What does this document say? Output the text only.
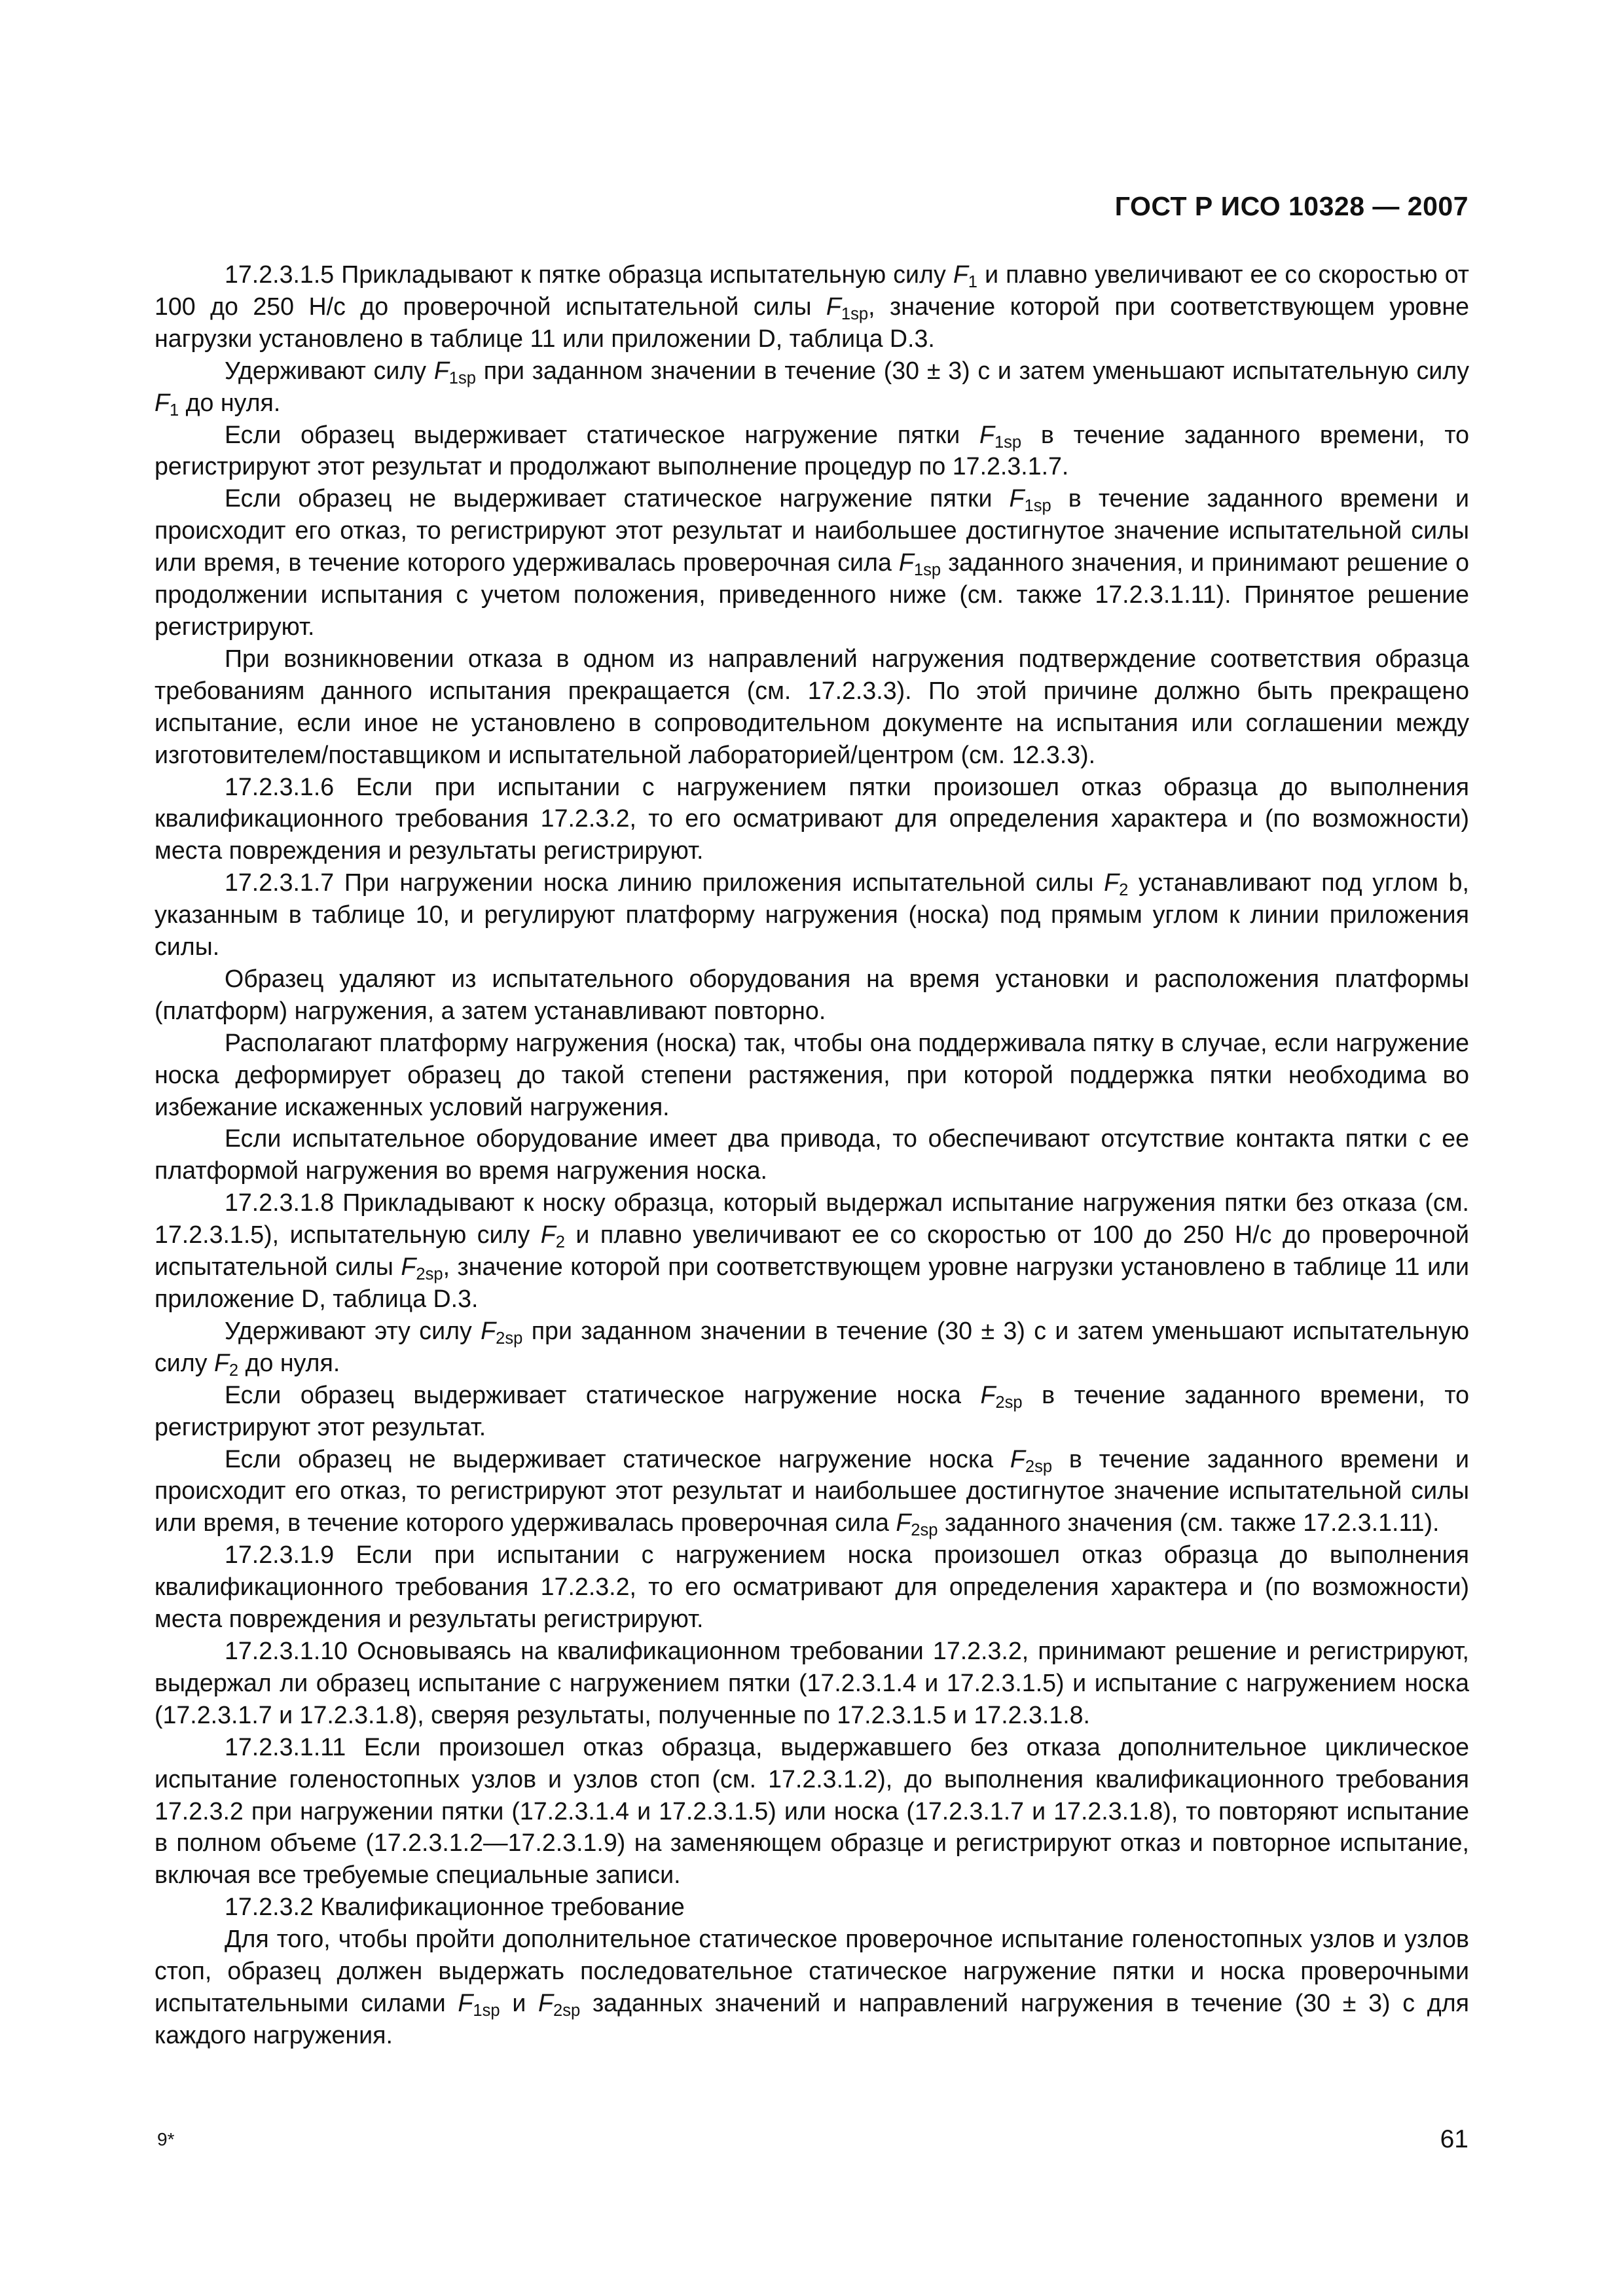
ГОСТ Р ИСО 10328 — 2007

17.2.3.1.5 Прикладывают к пятке образца испытательную силу $F_1$ и плавно увеличивают ее со скоростью от 100 до 250 Н/с до проверочной испытательной силы $F_{1sp}$, значение которой при соответствующем уровне нагрузки установлено в таблице 11 или приложении D, таблица D.3.

Удерживают силу $F_{1sp}$ при заданном значении в течение (30 ± 3) с и затем уменьшают испытательную силу $F_1$ до нуля.

Если образец выдерживает статическое нагружение пятки $F_{1sp}$ в течение заданного времени, то регистрируют этот результат и продолжают выполнение процедур по 17.2.3.1.7.

Если образец не выдерживает статическое нагружение пятки $F_{1sp}$ в течение заданного времени и происходит его отказ, то регистрируют этот результат и наибольшее достигнутое значение испытательной силы или время, в течение которого удерживалась проверочная сила $F_{1sp}$ заданного значения, и принимают решение о продолжении испытания с учетом положения, приведенного ниже (см. также 17.2.3.1.11). Принятое решение регистрируют.

При возникновении отказа в одном из направлений нагружения подтверждение соответствия образца требованиям данного испытания прекращается (см. 17.2.3.3). По этой причине должно быть прекращено испытание, если иное не установлено в сопроводительном документе на испытания или соглашении между изготовителем/поставщиком и испытательной лабораторией/центром (см. 12.3.3).

17.2.3.1.6 Если при испытании с нагружением пятки произошел отказ образца до выполнения квалификационного требования 17.2.3.2, то его осматривают для определения характера и (по возможности) места повреждения и результаты регистрируют.

17.2.3.1.7 При нагружении носка линию приложения испытательной силы $F_2$ устанавливают под углом b, указанным в таблице 10, и регулируют платформу нагружения (носка) под прямым углом к линии приложения силы.

Образец удаляют из испытательного оборудования на время установки и расположения платформы (платформ) нагружения, а затем устанавливают повторно.

Располагают платформу нагружения (носка) так, чтобы она поддерживала пятку в случае, если нагружение носка деформирует образец до такой степени растяжения, при которой поддержка пятки необходима во избежание искаженных условий нагружения.

Если испытательное оборудование имеет два привода, то обеспечивают отсутствие контакта пятки с ее платформой нагружения во время нагружения носка.

17.2.3.1.8 Прикладывают к носку образца, который выдержал испытание нагружения пятки без отказа (см. 17.2.3.1.5), испытательную силу $F_2$ и плавно увеличивают ее со скоростью от 100 до 250 Н/с до проверочной испытательной силы $F_{2sp}$, значение которой при соответствующем уровне нагрузки установлено в таблице 11 или приложение D, таблица D.3.

Удерживают эту силу $F_{2sp}$ при заданном значении в течение (30 ± 3) с и затем уменьшают испытательную силу $F_2$ до нуля.

Если образец выдерживает статическое нагружение носка $F_{2sp}$ в течение заданного времени, то регистрируют этот результат.

Если образец не выдерживает статическое нагружение носка $F_{2sp}$ в течение заданного времени и происходит его отказ, то регистрируют этот результат и наибольшее достигнутое значение испытательной силы или время, в течение которого удерживалась проверочная сила $F_{2sp}$ заданного значения (см. также 17.2.3.1.11).

17.2.3.1.9 Если при испытании с нагружением носка произошел отказ образца до выполнения квалификационного требования 17.2.3.2, то его осматривают для определения характера и (по возможности) места повреждения и результаты регистрируют.

17.2.3.1.10 Основываясь на квалификационном требовании 17.2.3.2, принимают решение и регистрируют, выдержал ли образец испытание с нагружением пятки (17.2.3.1.4 и 17.2.3.1.5) и испытание с нагружением носка (17.2.3.1.7 и 17.2.3.1.8), сверяя результаты, полученные по 17.2.3.1.5 и 17.2.3.1.8.

17.2.3.1.11 Если произошел отказ образца, выдержавшего без отказа дополнительное циклическое испытание голеностопных узлов и узлов стоп (см. 17.2.3.1.2), до выполнения квалификационного требования 17.2.3.2 при нагружении пятки (17.2.3.1.4 и 17.2.3.1.5) или носка (17.2.3.1.7 и 17.2.3.1.8), то повторяют испытание в полном объеме (17.2.3.1.2—17.2.3.1.9) на заменяющем образце и регистрируют отказ и повторное испытание, включая все требуемые специальные записи.

17.2.3.2 Квалификационное требование

Для того, чтобы пройти дополнительное статическое проверочное испытание голеностопных узлов и узлов стоп, образец должен выдержать последовательное статическое нагружение пятки и носка проверочными испытательными силами $F_{1sp}$ и $F_{2sp}$ заданных значений и направлений нагружения в течение (30 ± 3) с для каждого нагружения.

9*	61
